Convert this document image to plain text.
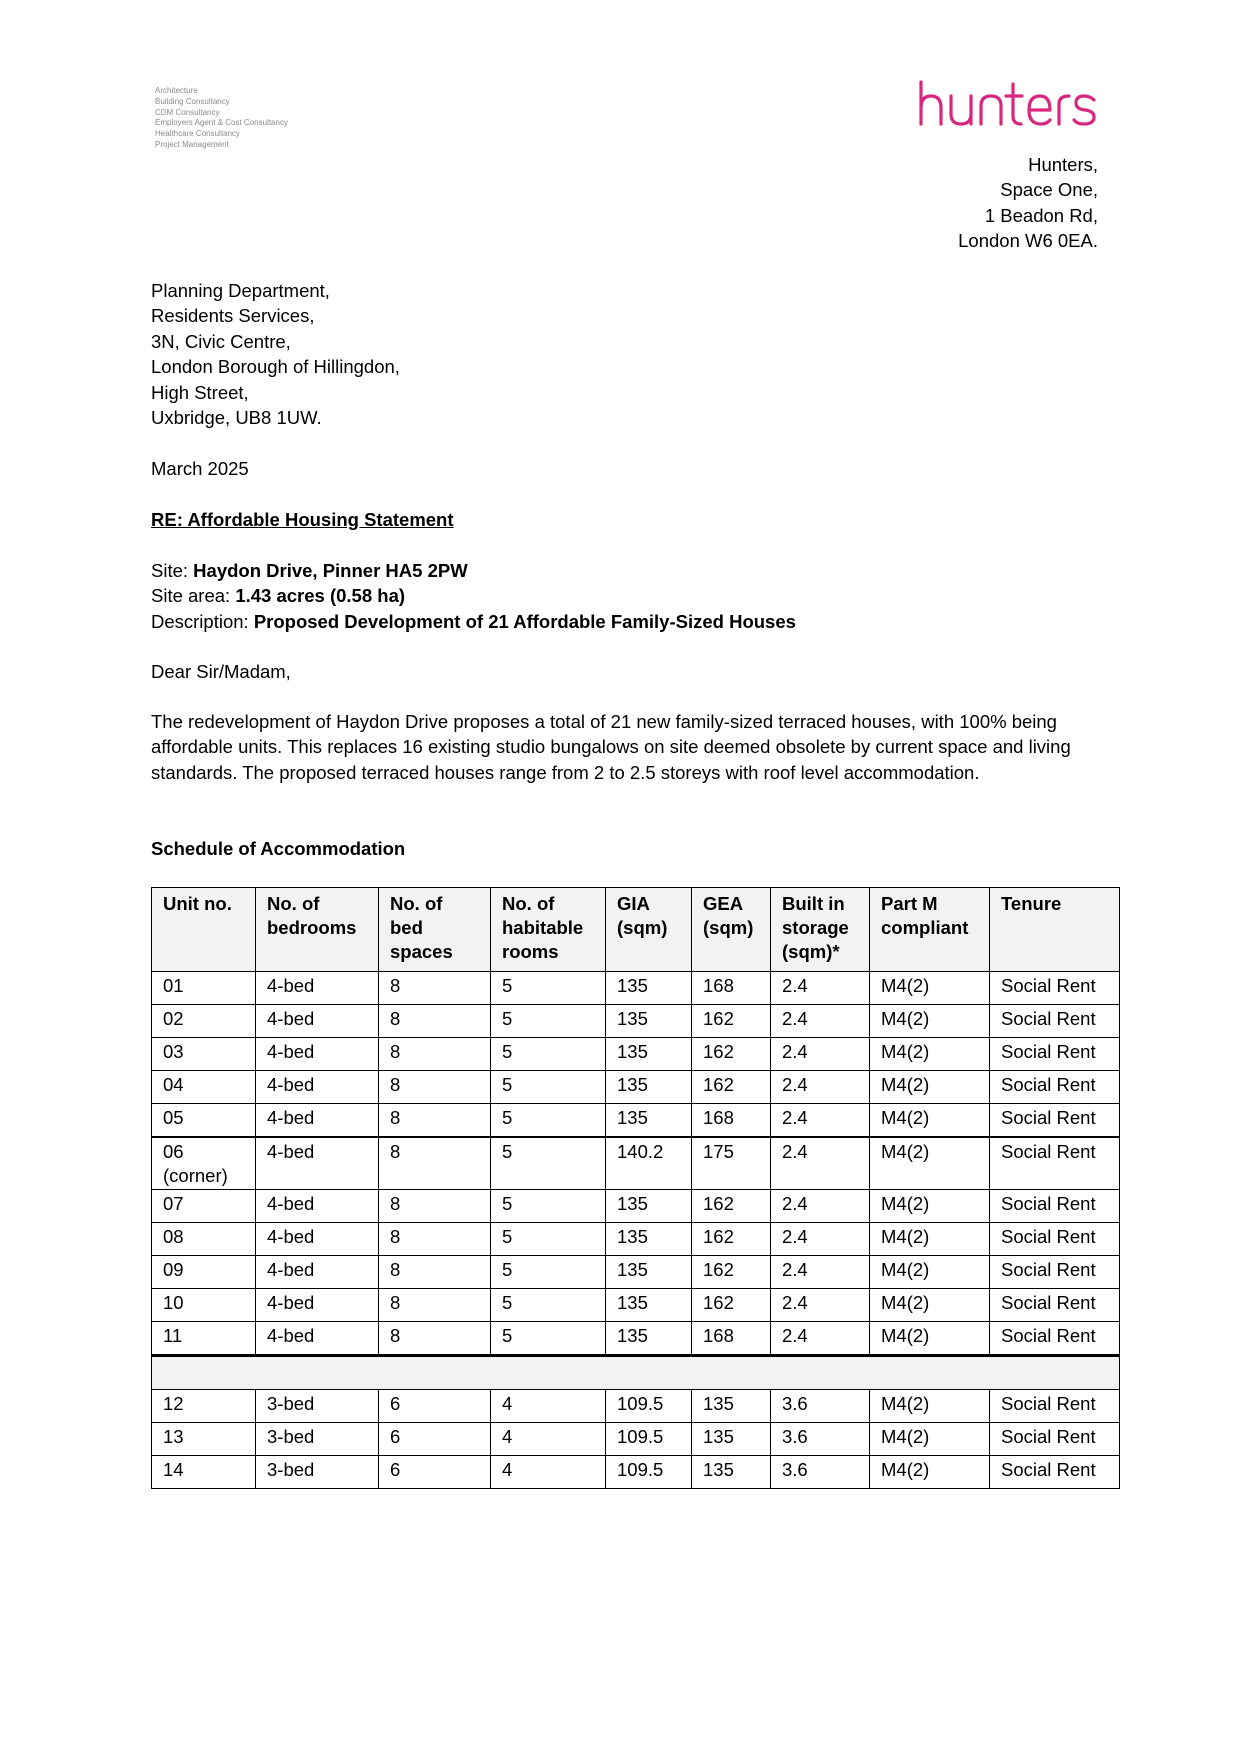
Architecture
Building Consultancy
CDM Consultancy
Employers Agent & Cost Consultancy
Healthcare Consultancy
Project Management
Hunters,
Space One,
1 Beadon Rd,
London W6 0EA.
Planning Department,
Residents Services,
3N, Civic Centre,
London Borough of Hillingdon,
High Street,
Uxbridge, UB8 1UW.
March 2025
RE: Affordable Housing Statement
Site: Haydon Drive, Pinner HA5 2PW
Site area: 1.43 acres (0.58 ha)
Description: Proposed Development of 21 Affordable Family-Sized Houses
Dear Sir/Madam,
The redevelopment of Haydon Drive proposes a total of 21 new family-sized terraced houses, with 100% being affordable units. This replaces 16 existing studio bungalows on site deemed obsolete by current space and living standards. The proposed terraced houses range from 2 to 2.5 storeys with roof level accommodation.
Schedule of Accommodation
Unit no.	No. of bedrooms	No. of bed spaces	No. of habitable rooms	GIA (sqm)	GEA (sqm)	Built in storage (sqm)*	Part M compliant	Tenure
01	4-bed	8	5	135	168	2.4	M4(2)	Social Rent
02	4-bed	8	5	135	162	2.4	M4(2)	Social Rent
03	4-bed	8	5	135	162	2.4	M4(2)	Social Rent
04	4-bed	8	5	135	162	2.4	M4(2)	Social Rent
05	4-bed	8	5	135	168	2.4	M4(2)	Social Rent
06 (corner)	4-bed	8	5	140.2	175	2.4	M4(2)	Social Rent
07	4-bed	8	5	135	162	2.4	M4(2)	Social Rent
08	4-bed	8	5	135	162	2.4	M4(2)	Social Rent
09	4-bed	8	5	135	162	2.4	M4(2)	Social Rent
10	4-bed	8	5	135	162	2.4	M4(2)	Social Rent
11	4-bed	8	5	135	168	2.4	M4(2)	Social Rent

12	3-bed	6	4	109.5	135	3.6	M4(2)	Social Rent
13	3-bed	6	4	109.5	135	3.6	M4(2)	Social Rent
14	3-bed	6	4	109.5	135	3.6	M4(2)	Social Rent
